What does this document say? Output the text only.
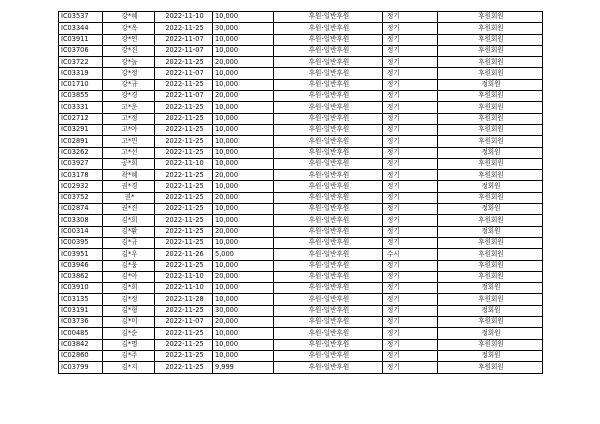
IC03537	강*혜	2022-11-10	10,000	후원-일반후원	정기	후원회원
IC03344	강*옥	2022-11-25	30,000	후원-일반후원	정기	후원회원
IC03911	강*연	2022-11-07	10,000	후원-일반후원	정기	후원회원
IC03706	강*진	2022-11-07	10,000	후원-일반후원	정기	후원회원
IC03722	강*늘	2022-11-25	20,000	후원-일반후원	정기	후원회원
IC03319	강*정	2022-11-07	10,000	후원-일반후원	정기	후원회원
IC01710	강*규	2022-11-25	10,000	후원-일반후원	정기	정회원
IC03855	강*경	2022-11-07	20,000	후원-일반후원	정기	후원회원
IC03331	고*운	2022-11-25	10,000	후원-일반후원	정기	후원회원
IC02712	고*정	2022-11-25	10,000	후원-일반후원	정기	후원회원
IC03291	고*아	2022-11-25	10,000	후원-일반후원	정기	후원회원
IC02891	고*민	2022-11-25	10,000	후원-일반후원	정기	후원회원
IC03262	고*선	2022-11-25	10,000	후원-일반후원	정기	정회원
IC03927	공*희	2022-11-10	10,000	후원-일반후원	정기	후원회원
IC03178	곽*혜	2022-11-25	20,000	후원-일반후원	정기	후원회원
IC02932	권*경	2022-11-25	10,000	후원-일반후원	정기	정회원
IC03752	권*	2022-11-25	20,000	후원-일반후원	정기	후원회원
IC02874	권*진	2022-11-25	10,000	후원-일반후원	정기	정회원
IC03308	김*희	2022-11-25	10,000	후원-일반후원	정기	후원회원
IC00314	김*환	2022-11-25	20,000	후원-일반후원	정기	정회원
IC00395	김*규	2022-11-25	10,000	후원-일반후원	정기	후원회원
IC03951	김*우	2022-11-26	5,000	후원-일반후원	수시	후원회원
IC03946	김*웅	2022-11-25	10,000	후원-일반후원	정기	후원회원
IC03862	김*아	2022-11-10	20,000	후원-일반후원	정기	후원회원
IC03910	김*희	2022-11-10	10,000	후원-일반후원	정기	정회원
IC03135	김*정	2022-11-28	10,000	후원-일반후원	정기	후원회원
IC03191	김*형	2022-11-25	30,000	후원-일반후원	정기	정회원
IC03736	김*미	2022-11-07	20,000	후원-일반후원	정기	후원회원
IC00485	김*순	2022-11-25	10,000	후원-일반후원	정기	정회원
IC03842	김*명	2022-11-25	10,000	후원-일반후원	정기	후원회원
IC02860	김*주	2022-11-25	10,000	후원-일반후원	정기	정회원
IC03799	김*지	2022-11-25	9,999	후원-일반후원	정기	후원회원
